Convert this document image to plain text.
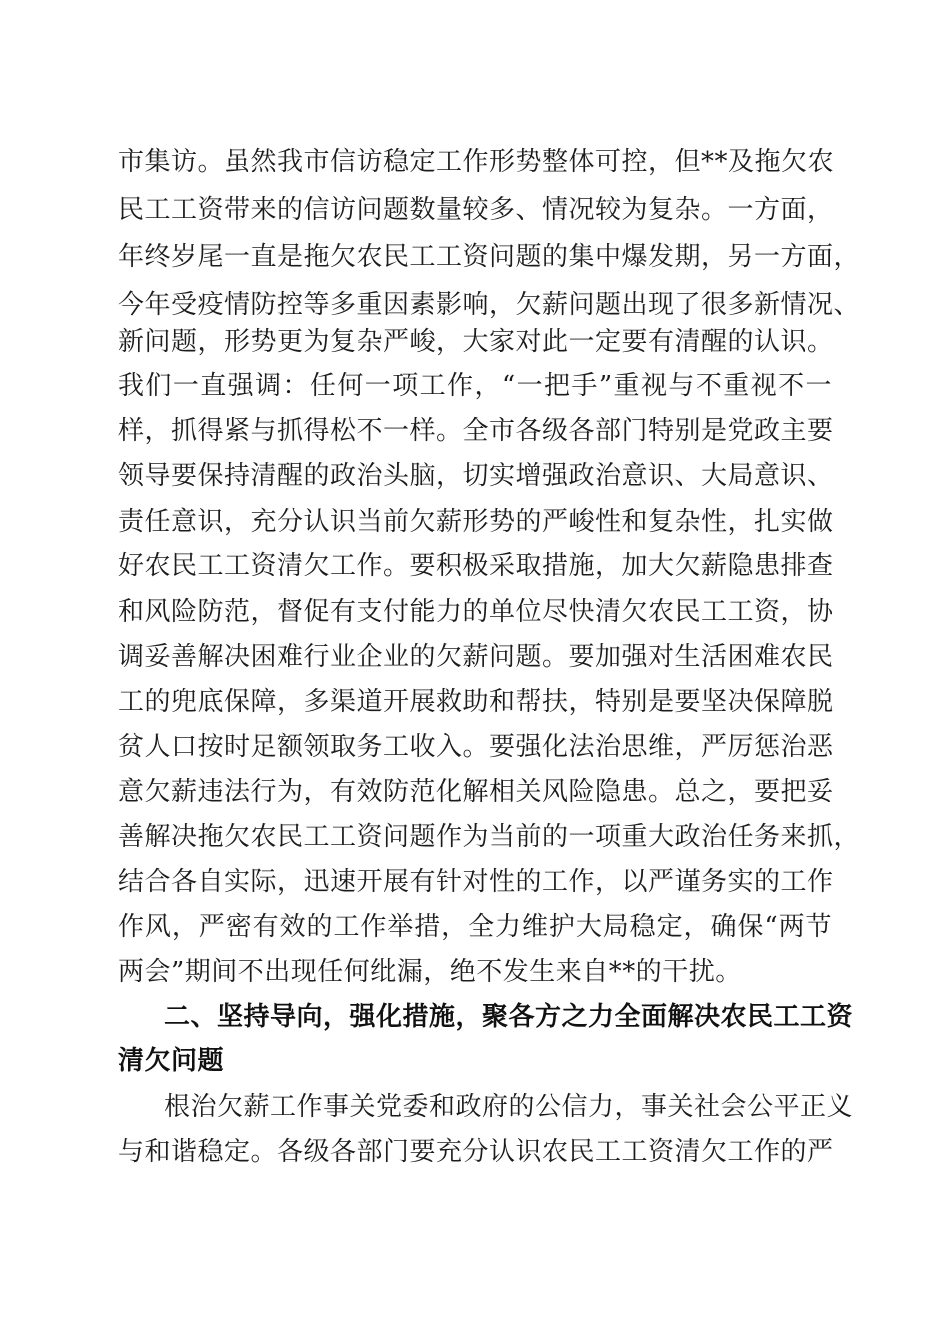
市集访。虽然我市信访稳定工作形势整体可控，但**及拖欠农
民工工资带来的信访问题数量较多、情况较为复杂。一方面，
年终岁尾一直是拖欠农民工工资问题的集中爆发期，另一方面，
今年受疫情防控等多重因素影响，欠薪问题出现了很多新情况、
新问题，形势更为复杂严峻，大家对此一定要有清醒的认识。
我们一直强调：任何一项工作，“一把手”重视与不重视不一
样，抓得紧与抓得松不一样。全市各级各部门特别是党政主要
领导要保持清醒的政治头脑，切实增强政治意识、大局意识、
责任意识，充分认识当前欠薪形势的严峻性和复杂性，扎实做
好农民工工资清欠工作。要积极采取措施，加大欠薪隐患排查
和风险防范，督促有支付能力的单位尽快清欠农民工工资，协
调妥善解决困难行业企业的欠薪问题。要加强对生活困难农民
工的兜底保障，多渠道开展救助和帮扶，特别是要坚决保障脱
贫人口按时足额领取务工收入。要强化法治思维，严厉惩治恶
意欠薪违法行为，有效防范化解相关风险隐患。总之，要把妥
善解决拖欠农民工工资问题作为当前的一项重大政治任务来抓，
结合各自实际，迅速开展有针对性的工作，以严谨务实的工作
作风，严密有效的工作举措，全力维护大局稳定，确保“两节
两会”期间不出现任何纰漏，绝不发生来自**的干扰。
二、坚持导向，强化措施，聚各方之力全面解决农民工工资
清欠问题
根治欠薪工作事关党委和政府的公信力，事关社会公平正义
与和谐稳定。各级各部门要充分认识农民工工资清欠工作的严
